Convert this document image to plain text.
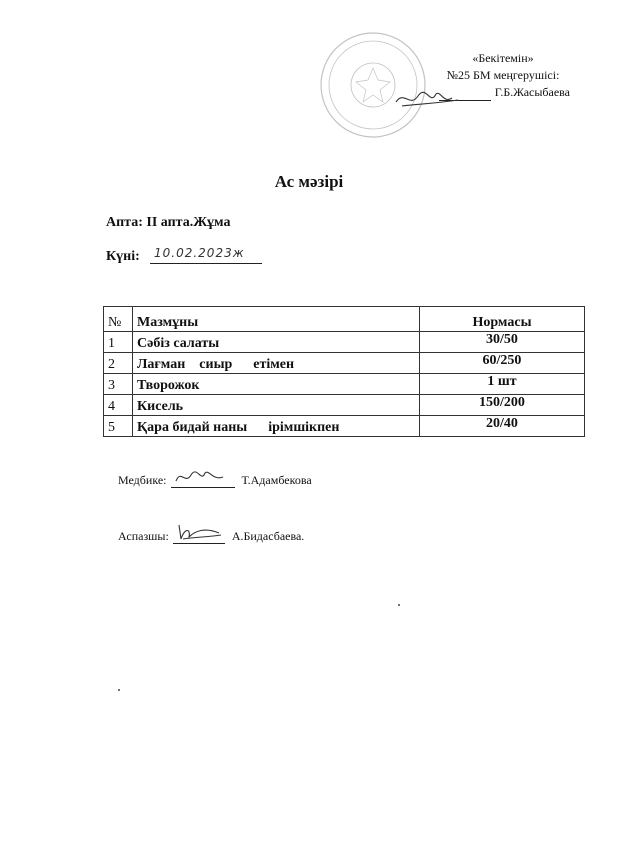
«Бекітемін»
№25 БМ меңгерушісі:
Г.Б.Жасыбаева
Ас мәзірі
Апта: II апта.Жұма
Күні:	10.02.2023ж
№	Мазмұны	Нормасы
1	Сәбіз салаты	30/50
2	Лағман    сиыр      етімен	60/250
3	Творожок	1 шт
4	Кисель	150/200
5	Қара бидай наны      ірімшікпен	20/40
Медбике:	Т.Адамбекова
Аспазшы:	А.Бидасбаева.
